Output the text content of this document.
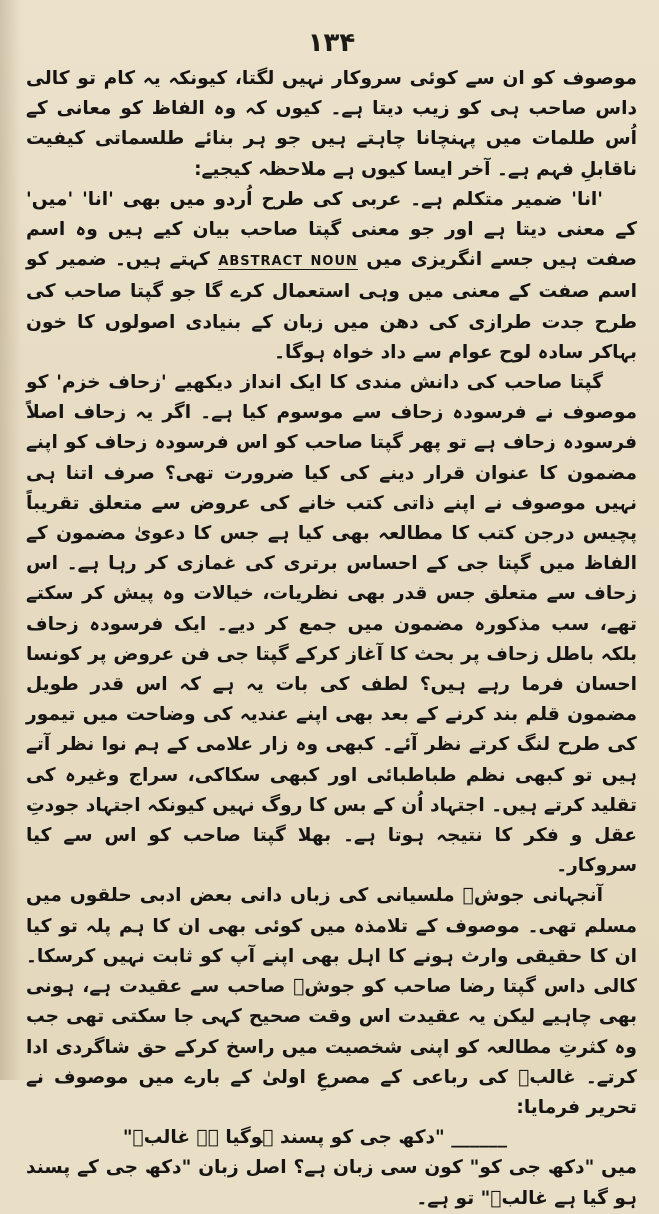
۱۳۴

موصوف کو ان سے کوئی سروکار نہیں لگتا، کیونکہ یہ کام تو کالی داس صاحب ہی کو زیب دیتا ہے۔ کیوں کہ وہ الفاظ کو معانی کے اُس طلمات میں پہنچانا چاہتے ہیں جو ہر بنائے طلسماتی کیفیت ناقابلِ فہم ہے۔ آخر ایسا کیوں ہے ملاحظہ کیجیے:

'انا' ضمیر متکلم ہے۔ عربی کی طرح اُردو میں بھی 'انا' 'میں' کے معنی دیتا ہے اور جو معنی گپتا صاحب بیان کیے ہیں وہ اسم صفت ہیں جسے انگریزی میں ABSTRACT NOUN کہتے ہیں۔ ضمیر کو اسم صفت کے معنی میں وہی استعمال کرے گا جو گپتا صاحب کی طرح جدت طرازی کی دھن میں زبان کے بنیادی اصولوں کا خون بہاکر سادہ لوح عوام سے داد خواہ ہوگا۔

گپتا صاحب کی دانش مندی کا ایک انداز دیکھیے 'زحاف خزم' کو موصوف نے فرسودہ زحاف سے موسوم کیا ہے۔ اگر یہ زحاف اصلاً فرسودہ زحاف ہے تو پھر گپتا صاحب کو اس فرسودہ زحاف کو اپنے مضمون کا عنوان قرار دینے کی کیا ضرورت تھی؟ صرف اتنا ہی نہیں موصوف نے اپنے ذاتی کتب خانے کی عروض سے متعلق تقریباً پچیس درجن کتب کا مطالعہ بھی کیا ہے جس کا دعویٰ مضمون کے الفاظ میں گپتا جی کے احساس برتری کی غمازی کر رہا ہے۔ اس زحاف سے متعلق جس قدر بھی نظریات، خیالات وہ پیش کر سکتے تھے، سب مذکورہ مضمون میں جمع کر دیے۔ ایک فرسودہ زحاف بلکہ باطل زحاف پر بحث کا آغاز کرکے گپتا جی فن عروض پر کونسا احسان فرما رہے ہیں؟ لطف کی بات یہ ہے کہ اس قدر طویل مضمون قلم بند کرنے کے بعد بھی اپنے عندیہ کی وضاحت میں تیمور کی طرح لنگ کرتے نظر آئے۔ کبھی وہ زار علامی کے ہم نوا نظر آتے ہیں تو کبھی نظم طباطبائی اور کبھی سکاکی، سراج وغیرہ کی تقلید کرتے ہیں۔ اجتہاد اُن کے بس کا روگ نہیں کیونکہ اجتہاد جودتِ عقل و فکر کا نتیجہ ہوتا ہے۔ بھلا گپتا صاحب کو اس سے کیا سروکار۔

آنجہانی جوشؔ ملسیانی کی زباں دانی بعض ادبی حلقوں میں مسلم تھی۔ موصوف کے تلامذہ میں کوئی بھی ان کا ہم پلہ تو کیا ان کا حقیقی وارث ہونے کا اہل بھی اپنے آپ کو ثابت نہیں کرسکا۔ کالی داس گپتا رضا صاحب کو جوشؔ صاحب سے عقیدت ہے، ہونی بھی چاہیے لیکن یہ عقیدت اس وقت صحیح کہی جا سکتی تھی جب وہ کثرتِ مطالعہ کو اپنی شخصیت میں راسخ کرکے حق شاگردی ادا کرتے۔ غالبؔ کی رباعی کے مصرعِ اولیٰ کے بارے میں موصوف نے تحریر فرمایا:

______ "دکھ جی کو پسند ہوگیا ہے غالبؔ"

میں "دکھ جی کو" کون سی زبان ہے؟ اصل زبان "دکھ جی کے پسند ہو گیا ہے غالبؔ" تو ہے۔
